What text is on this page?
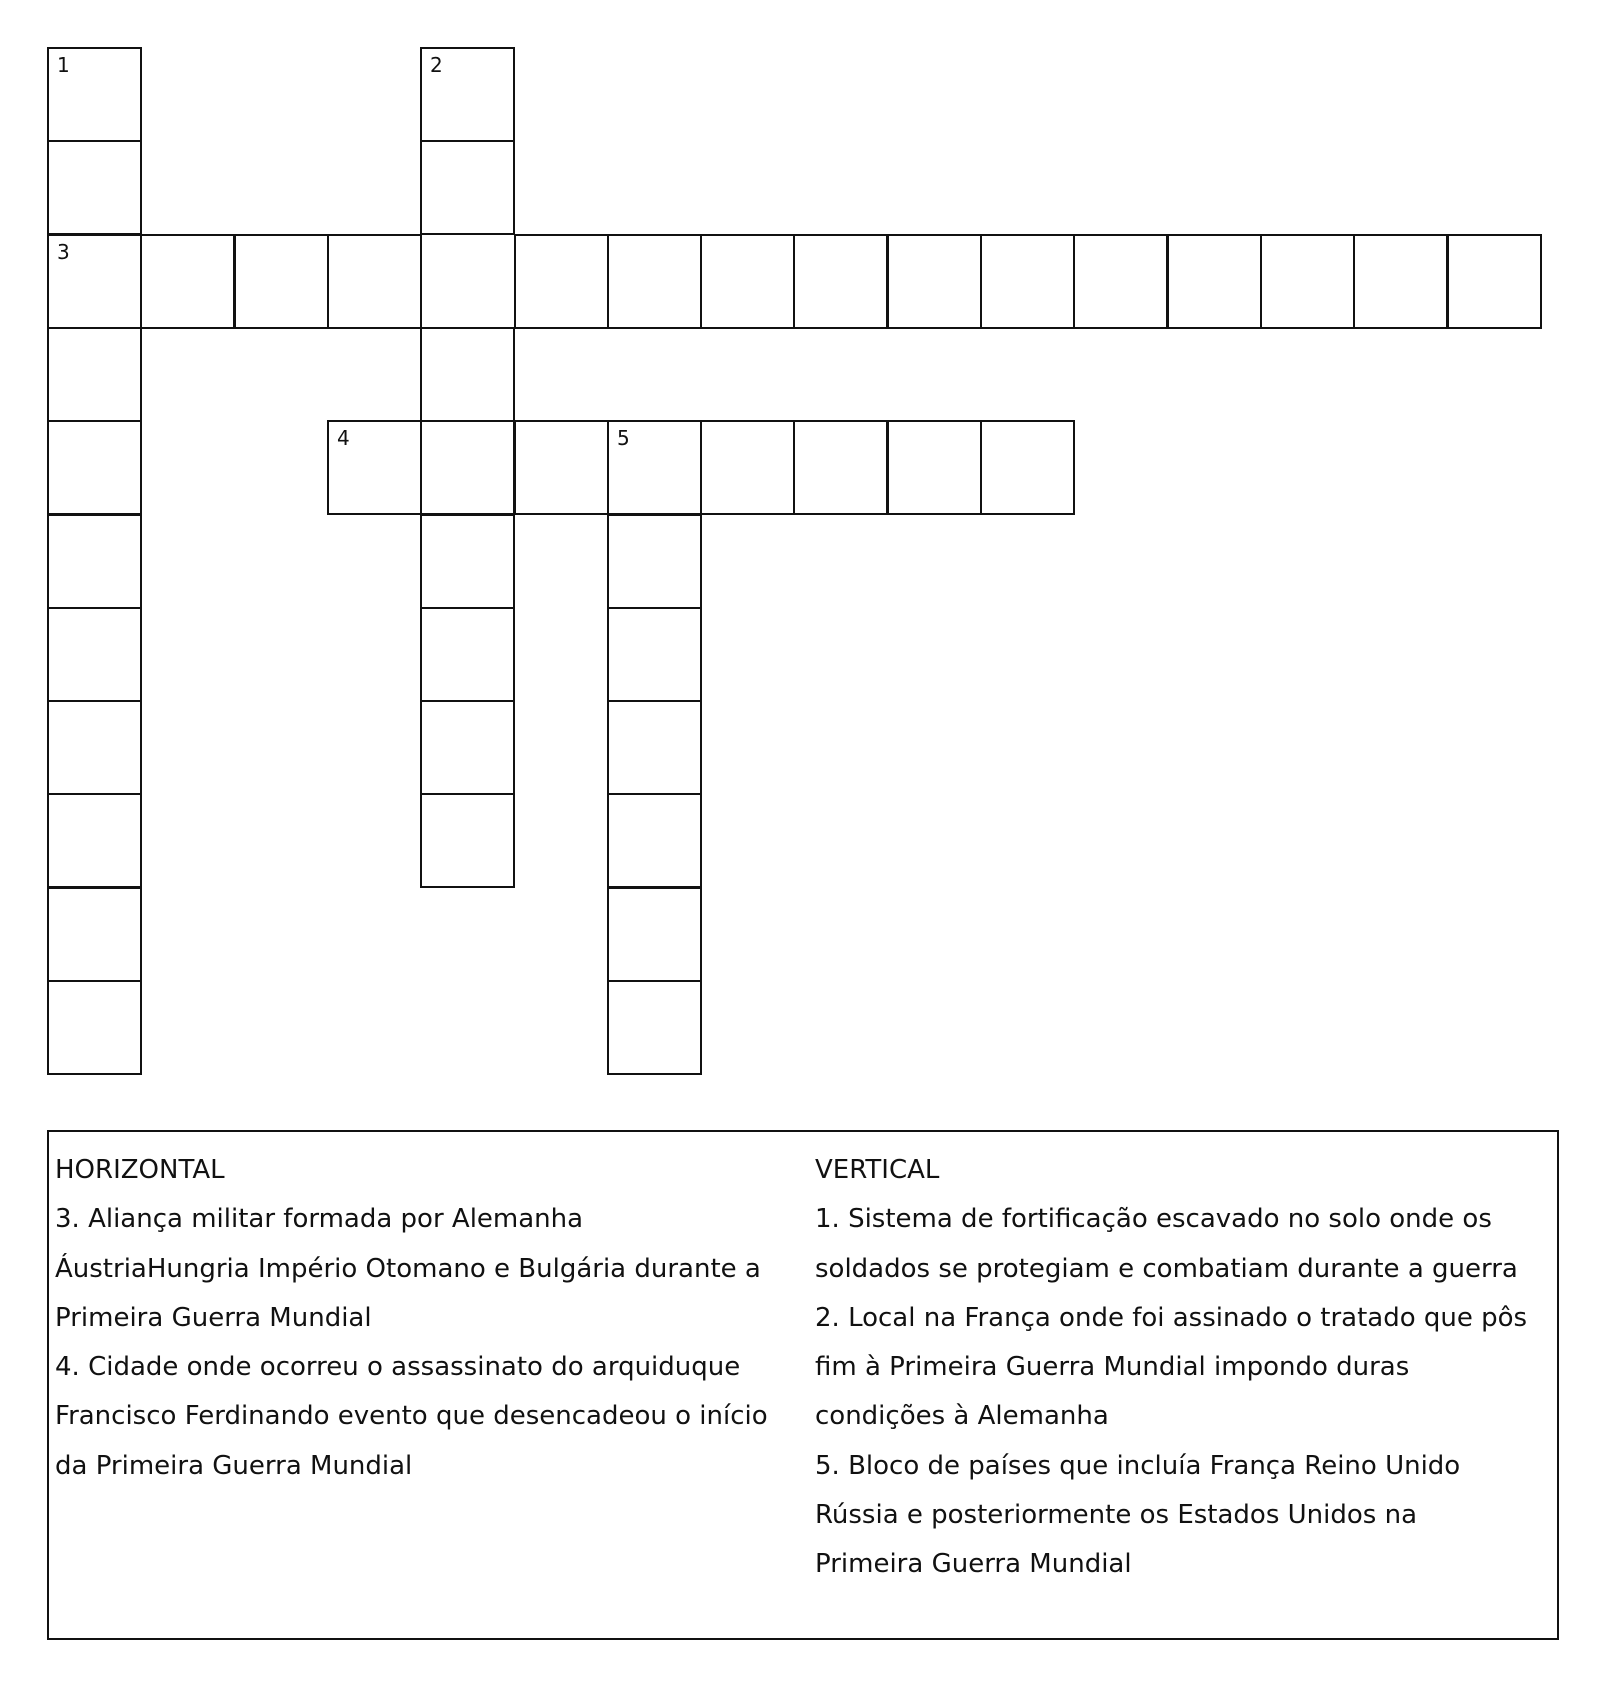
1
3
2
4	5
HORIZONTAL
3. Aliança militar formada por Alemanha
ÁustriaHungria Império Otomano e Bulgária durante a
Primeira Guerra Mundial
4. Cidade onde ocorreu o assassinato do arquiduque
Francisco Ferdinando evento que desencadeou o início
da Primeira Guerra Mundial
VERTICAL
1. Sistema de fortificação escavado no solo onde os
soldados se protegiam e combatiam durante a guerra
2. Local na França onde foi assinado o tratado que pôs
fim à Primeira Guerra Mundial impondo duras
condições à Alemanha
5. Bloco de países que incluía França Reino Unido
Rússia e posteriormente os Estados Unidos na
Primeira Guerra Mundial
